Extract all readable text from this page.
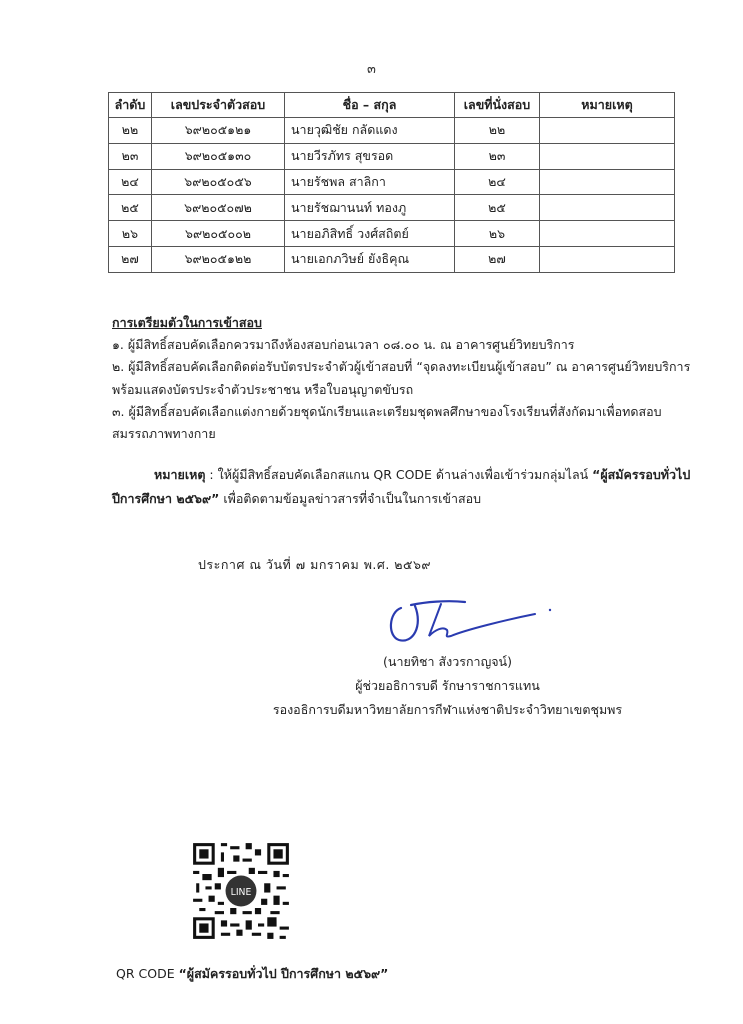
๓
ลำดับ	เลขประจำตัวสอบ	ชื่อ – สกุล	เลขที่นั่งสอบ	หมายเหตุ
๒๒	๖๙๒๐๕๑๒๑	นายวุฒิชัย กลัดแดง	๒๒	
๒๓	๖๙๒๐๕๑๓๐	นายวีรภัทร สุขรอด	๒๓	
๒๔	๖๙๒๐๕๐๕๖	นายรัชพล สาลิกา	๒๔	
๒๕	๖๙๒๐๕๐๗๒	นายรัชฌานนท์ ทองภู	๒๕	
๒๖	๖๙๒๐๕๐๐๒	นายอภิสิทธิ์ วงศ์สถิตย์	๒๖	
๒๗	๖๙๒๐๕๑๒๒	นายเอกภวิษย์ ยังธิคุณ	๒๗	
การเตรียมตัวในการเข้าสอบ
๑. ผู้มีสิทธิ์สอบคัดเลือกควรมาถึงห้องสอบก่อนเวลา ๐๘.๐๐ น. ณ อาคารศูนย์วิทยบริการ
๒. ผู้มีสิทธิ์สอบคัดเลือกติดต่อรับบัตรประจำตัวผู้เข้าสอบที่ “จุดลงทะเบียนผู้เข้าสอบ” ณ อาคารศูนย์วิทยบริการ
พร้อมแสดงบัตรประจำตัวประชาชน หรือใบอนุญาตขับรถ
๓. ผู้มีสิทธิ์สอบคัดเลือกแต่งกายด้วยชุดนักเรียนและเตรียมชุดพลศึกษาของโรงเรียนที่สังกัดมาเพื่อทดสอบ
สมรรถภาพทางกาย

หมายเหตุ : ให้ผู้มีสิทธิ์สอบคัดเลือกสแกน QR CODE ด้านล่างเพื่อเข้าร่วมกลุ่มไลน์ “ผู้สมัครรอบทั่วไป

ปีการศึกษา ๒๕๖๙” เพื่อติดตามข้อมูลข่าวสารที่จำเป็นในการเข้าสอบ
ประกาศ ณ วันที่ ๗ มกราคม พ.ศ. ๒๕๖๙
(นายทิชา สังวรกาญจน์)
ผู้ช่วยอธิการบดี รักษาราชการแทน
รองอธิการบดีมหาวิทยาลัยการกีฬาแห่งชาติประจำวิทยาเขตชุมพร
LINE
QR CODE “ผู้สมัครรอบทั่วไป ปีการศึกษา ๒๕๖๙”
